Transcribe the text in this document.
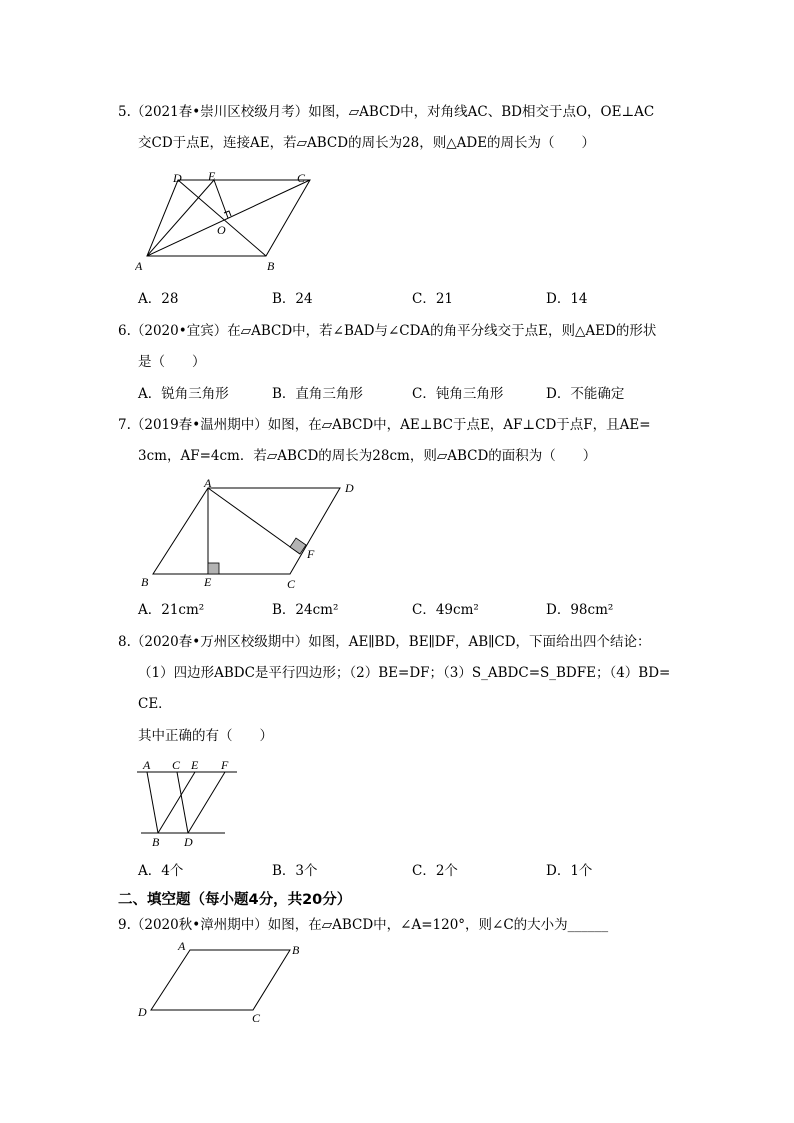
5.（2021春•崇川区校级月考）如图，▱ABCD中，对角线AC、BD相交于点O，OE⊥AC
交CD于点E，连接AE，若▱ABCD的周长为28，则△ADE的周长为（　　）
A	B
C
D E
O
A．28	B．24	C．21	D．14
6.（2020•宜宾）在▱ABCD中，若∠BAD与∠CDA的角平分线交于点E，则△AED的形状
是（　　）
A．锐角三角形	B．直角三角形	C．钝角三角形	D．不能确定
7.（2019春•温州期中）如图，在▱ABCD中，AE⊥BC于点E，AF⊥CD于点F，且AE=
3cm，AF=4cm．若▱ABCD的周长为28cm，则▱ABCD的面积为（　　）
B
A	D
C
E
F
A．21cm²	B．24cm²	C．49cm²	D．98cm²
8.（2020春•万州区校级期中）如图，AE∥BD，BE∥DF，AB∥CD，下面给出四个结论：
（1）四边形ABDC是平行四边形；（2）BE=DF；（3）S_ABDC=S_BDFE；（4）BD=
CE．
其中正确的有（　　）
A C E F
B D
A．4个	B．3个	C．2个	D．1个
二、填空题（每小题4分，共20分）
9.（2020秋•漳州期中）如图，在▱ABCD中，∠A=120°，则∠C的大小为______
A	B
C
D
